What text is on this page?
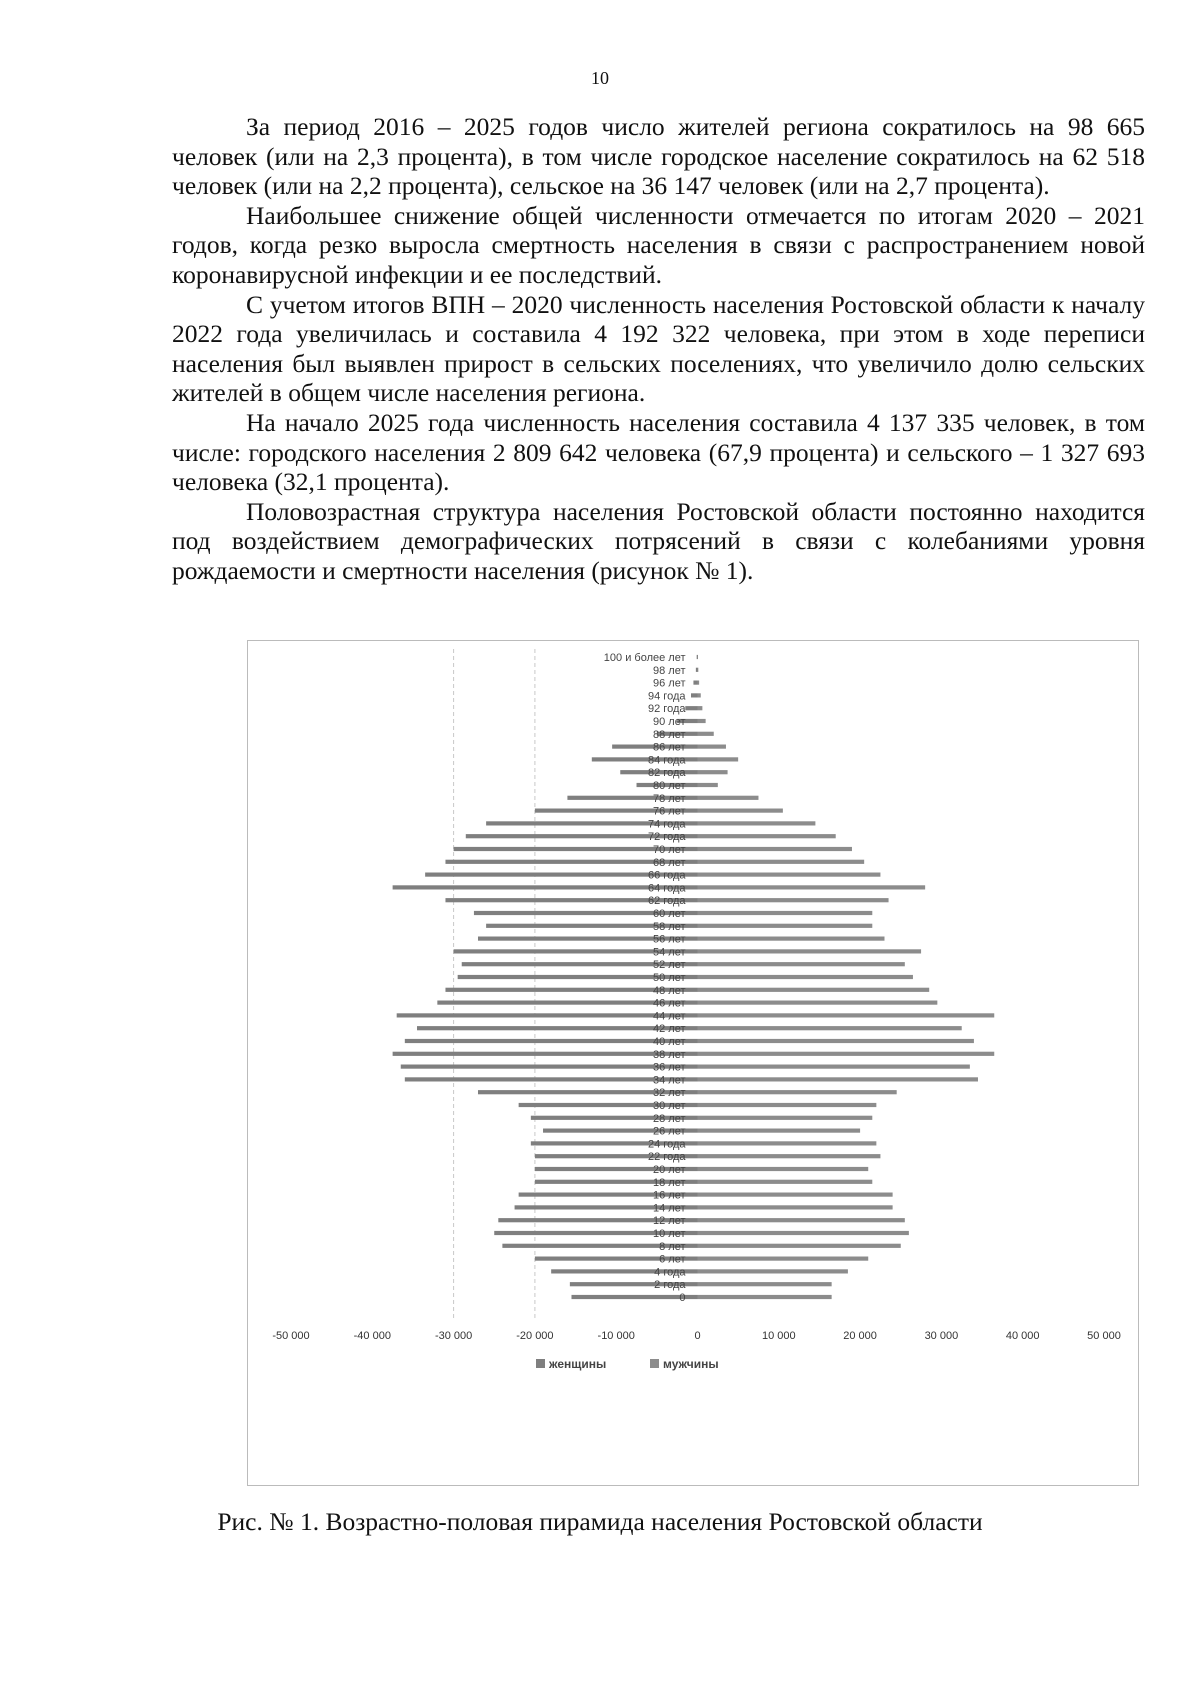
10

За период 2016 – 2025 годов число жителей региона сократилось на 98 665 человек (или на 2,3 процента), в том числе городское население сократилось на 62 518 человек (или на 2,2 процента), сельское на 36 147 человек (или на 2,7 процента).

Наибольшее снижение общей численности отмечается по итогам 2020 – 2021 годов, когда резко выросла смертность населения в связи с распространением новой коронавирусной инфекции и ее последствий.

С учетом итогов ВПН – 2020 численность населения Ростовской области к началу 2022 года увеличилась и составила 4 192 322 человека, при этом в ходе переписи населения был выявлен прирост в сельских поселениях, что увеличило долю сельских жителей в общем числе населения региона.

На начало 2025 года численность населения составила 4 137 335 человек, в том числе: городского населения 2 809 642 человека (67,9 процента) и сельского – 1 327 693 человека (32,1 процента).

Половозрастная структура населения Ростовской области постоянно находится под воздействием демографических потрясений в связи с колебаниями уровня рождаемости и смертности населения (рисунок № 1).

-50 000	-40 000	-30 000	-20 000	-10 000	0	10 000	20 000	30 000	40 000	50 000
0
2 года
4 года
6 лет
8 лет
10 лет
12 лет
14 лет
16 лет
18 лет
20 лет
22 года
24 года
26 лет
28 лет
30 лет
32 лет
34 лет
36 лет
38 лет
40 лет
42 лет
44 лет
46 лет
48 лет
50 лет
52 лет
54 лет
56 лет
58 лет
60 лет
62 года
64 года
66 года
68 лет
70 лет
72 года
74 года
76 лет
78 лет
80 лет
82 года
84 года
86 лет
88 лет
90 лет
92 года
94 года
96 лет
98 лет
100 и более лет
женщины	мужчины
Рис. № 1. Возрастно-половая пирамида населения Ростовской области
